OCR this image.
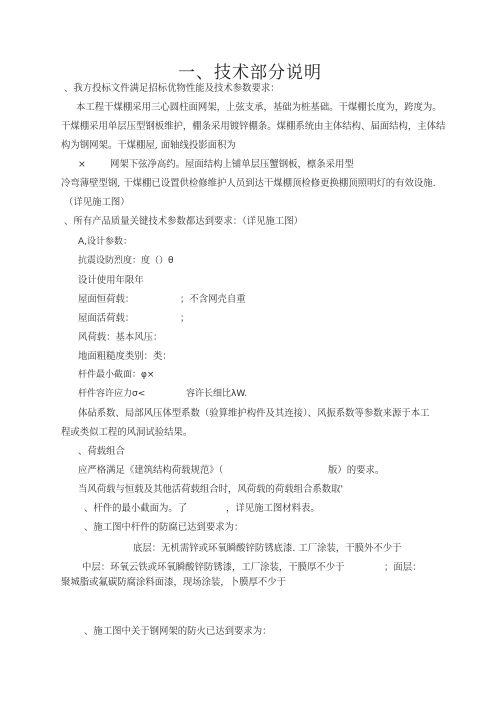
一、技术部分说明
、我方投标文件满足招标优物性能及技术参数要求：
本工程干煤棚采用三心圆柱面网架，上弦支承，基础为桩基础。干煤棚长度为，跨度为。
干煤棚采用单层压型钢板维护，棚条采用镀锌棚条。煤棚系统由主体结构、届面结构，主体结
构为钢网架。干煤棚屋, 面轴线投影面积为
×	网架下弦净高约。屋面结构上铺单层压蟹钢板，檩条采用型
冷弯薄壁型钢, 干煤棚已设置供检修维护人员到达干煤棚顶检修更换棚顶照明灯的有效设施.
（详见施工图）
、所有产品质量关键技术参数都达到要求：（详见施工图）
A,设计参数：
抗震设防烈度：度（）θ
设计使用年限年
屋面恒荷载：	；不含网壳自重
屋面活荷载：	；
风荷载：基本风压：
地面粗糙度类别：类：
杆件最小截面：φ×
杆件容许应力σ<	容许长细比λW.
体砧系数、局部风压体型系数（验算维护构件及其连接）、风振系数等参数来源于本工
程或类似工程的风洞试验结果。
、荷载组合
应严格满足《建筑结构荷载规范》（	版）的要求。
当风荷载与恒载及其他活荷载组合时，风荷载的荷载组合系数取'
、杆件的最小截面为。了	，详见施工图材料表。
、施工图中杆件的防腐已达到要求为：
底层：无机需锌或环氧瞬酸锌防锈底漆. 工厂涂装，干膜外不少于
中层：环氧云铁或环氧瞬酸锌防锈漆，工厂涂装，干膜厚不少于	；面层：
聚城脂或氟碳防腐涂料面漆，现场涂装，卜膜厚不少于
、施工图中关于钢网架的防火已达到要求为：
